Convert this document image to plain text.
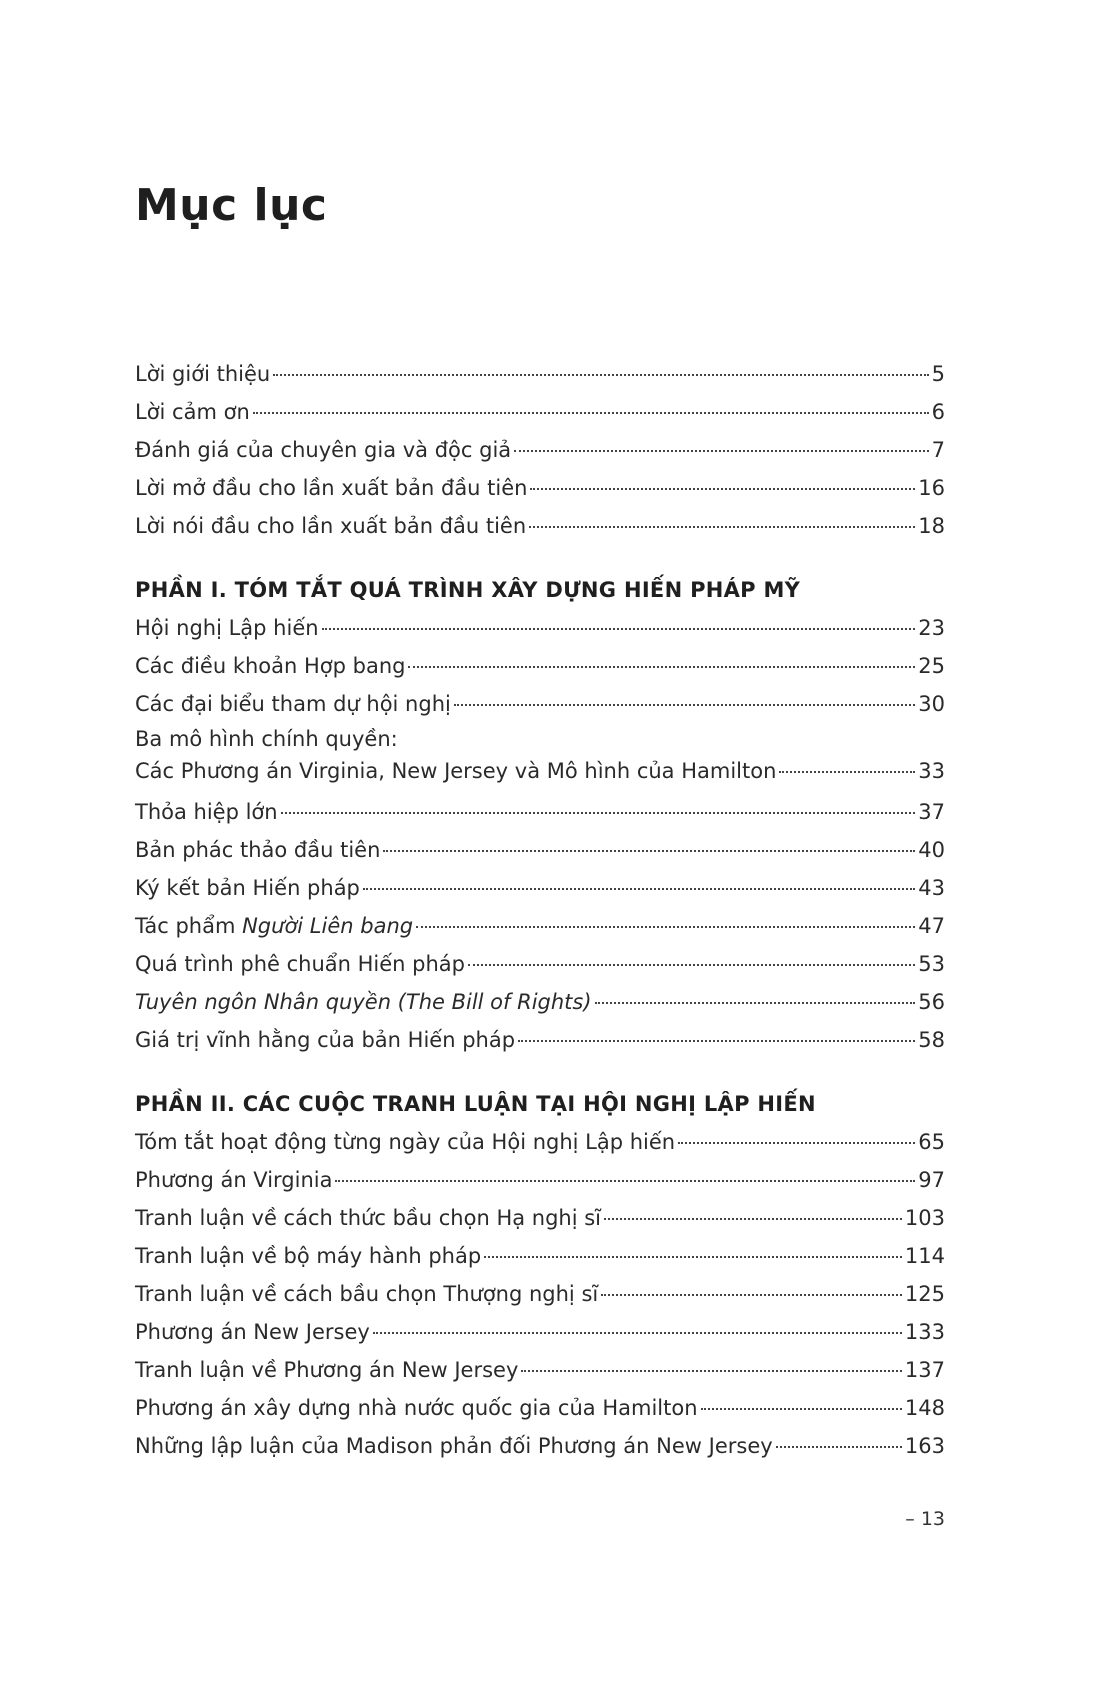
Mục lục
Lời giới thiệu	5
Lời cảm ơn	6
Đánh giá của chuyên gia và độc giả	7
Lời mở đầu cho lần xuất bản đầu tiên	16
Lời nói đầu cho lần xuất bản đầu tiên	18
PHẦN I. TÓM TẮT QUÁ TRÌNH XÂY DỰNG HIẾN PHÁP MỸ
Hội nghị Lập hiến	23
Các điều khoản Hợp bang	25
Các đại biểu tham dự hội nghị	30
Ba mô hình chính quyền:
Các Phương án Virginia, New Jersey và Mô hình của Hamilton	33
Thỏa hiệp lớn	37
Bản phác thảo đầu tiên	40
Ký kết bản Hiến pháp	43
Tác phẩm Người Liên bang	47
Quá trình phê chuẩn Hiến pháp	53
Tuyên ngôn Nhân quyền (The Bill of Rights)	56
Giá trị vĩnh hằng của bản Hiến pháp	58
PHẦN II. CÁC CUỘC TRANH LUẬN TẠI HỘI NGHỊ LẬP HIẾN
Tóm tắt hoạt động từng ngày của Hội nghị Lập hiến	65
Phương án Virginia	97
Tranh luận về cách thức bầu chọn Hạ nghị sĩ	103
Tranh luận về bộ máy hành pháp	114
Tranh luận về cách bầu chọn Thượng nghị sĩ	125
Phương án New Jersey	133
Tranh luận về Phương án New Jersey	137
Phương án xây dựng nhà nước quốc gia của Hamilton	148
Những lập luận của Madison phản đối Phương án New Jersey	163
– 13
